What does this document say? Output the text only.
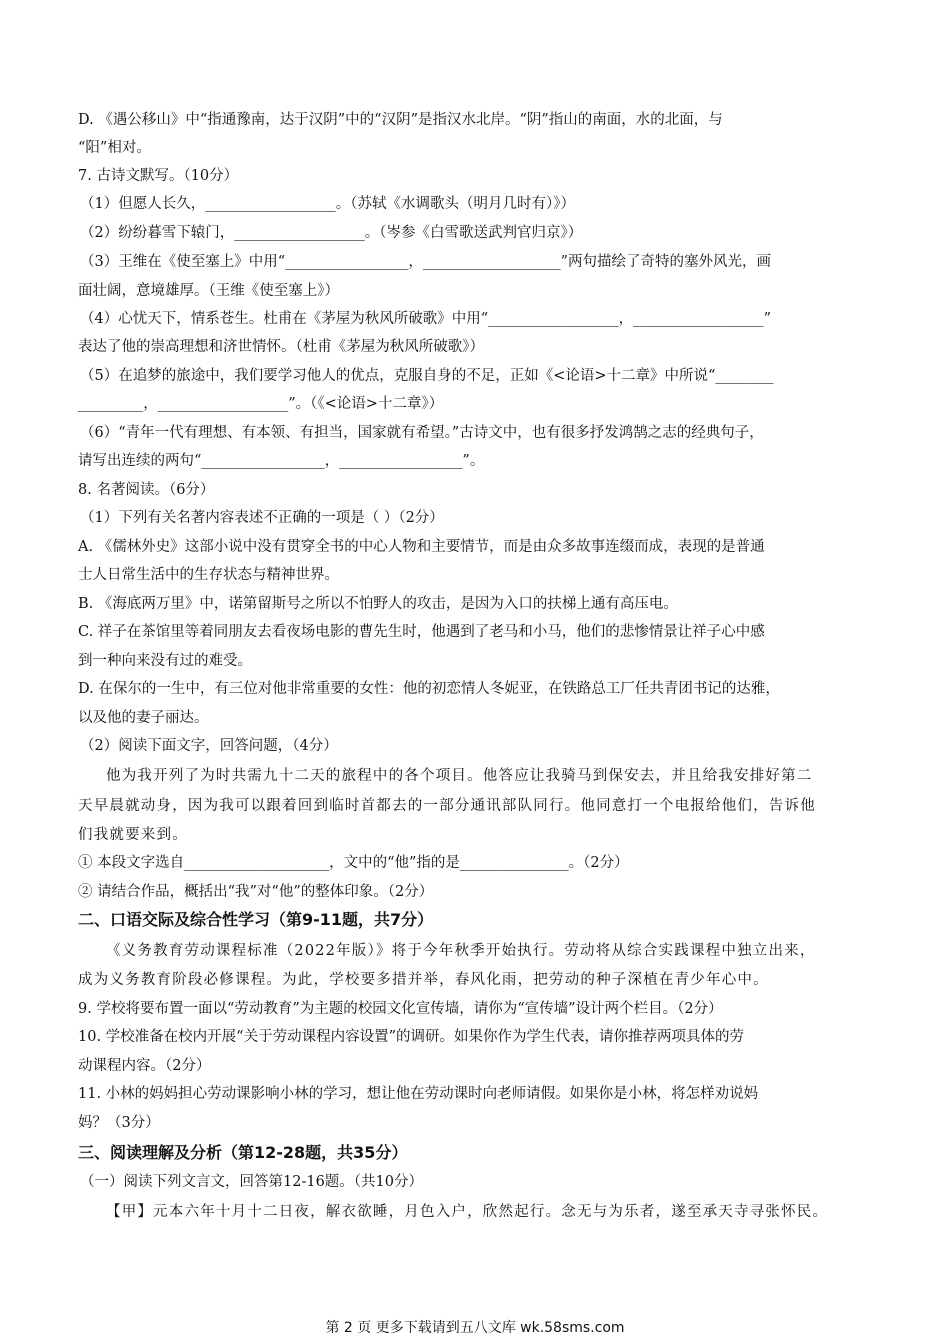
D. 《遇公移山》中“指通豫南，达于汉阴”中的“汉阴”是指汉水北岸。“阴”指山的南面，水的北面，与
“阳”相对。
7. 古诗文默写。（10分）
（1）但愿人长久，__________________。（苏轼《水调歌头（明月几时有）》）
（2）纷纷暮雪下辕门，__________________。（岑参《白雪歌送武判官归京》）
（3）王维在《使至塞上》中用“_________________，___________________”两句描绘了奇特的塞外风光，画
面壮阔，意境雄厚。（王维《使至塞上》）
（4）心忧天下，情系苍生。杜甫在《茅屋为秋风所破歌》中用“__________________，__________________”
表达了他的崇高理想和济世情怀。（杜甫《茅屋为秋风所破歌》）
（5）在追梦的旅途中，我们要学习他人的优点，克服自身的不足，正如《<论语>十二章》中所说“________
_________，__________________”。（《<论语>十二章》）
（6）“青年一代有理想、有本领、有担当，国家就有希望。”古诗文中，也有很多抒发鸿鹄之志的经典句子，
请写出连续的两句“_________________，_________________”。
8. 名著阅读。（6分）
（1）下列有关名著内容表述不正确的一项是（ ）（2分）
A. 《儒林外史》这部小说中没有贯穿全书的中心人物和主要情节，而是由众多故事连缀而成，表现的是普通
士人日常生活中的生存状态与精神世界。
B. 《海底两万里》中，诺第留斯号之所以不怕野人的攻击，是因为入口的扶梯上通有高压电。
C. 祥子在茶馆里等着同朋友去看夜场电影的曹先生时，他遇到了老马和小马，他们的悲惨情景让祥子心中感
到一种向来没有过的难受。
D. 在保尔的一生中，有三位对他非常重要的女性：他的初恋情人冬妮亚，在铁路总工厂任共青团书记的达雅，
以及他的妻子丽达。
（2）阅读下面文字，回答问题，（4分）
他为我开列了为时共需九十二天的旅程中的各个项目。他答应让我骑马到保安去，并且给我安排好第二
天早晨就动身，因为我可以跟着回到临时首都去的一部分通讯部队同行。他同意打一个电报给他们，告诉他
们我就要来到。
① 本段文字选自____________________，文中的“他”指的是_______________。（2分）
② 请结合作品，概括出“我”对“他”的整体印象。（2分）
二、口语交际及综合性学习（第9-11题，共7分）
《义务教育劳动课程标准（2022年版）》将于今年秋季开始执行。劳动将从综合实践课程中独立出来，
成为义务教育阶段必修课程。为此，学校要多措并举，春风化雨，把劳动的种子深植在青少年心中。
9. 学校将要布置一面以“劳动教育”为主题的校园文化宣传墙，请你为“宣传墙”设计两个栏目。（2分）
10. 学校准备在校内开展“关于劳动课程内容设置”的调研。如果你作为学生代表，请你推荐两项具体的劳
动课程内容。（2分）
11. 小林的妈妈担心劳动课影响小林的学习，想让他在劳动课时向老师请假。如果你是小林，将怎样劝说妈
妈？（3分）
三、阅读理解及分析（第12-28题，共35分）
（一）阅读下列文言文，回答第12-16题。（共10分）
【甲】元本六年十月十二日夜，解衣欲睡，月色入户，欣然起行。念无与为乐者，遂至承天寺寻张怀民。
第 2 页 更多下载请到五八文库 wk.58sms.com
